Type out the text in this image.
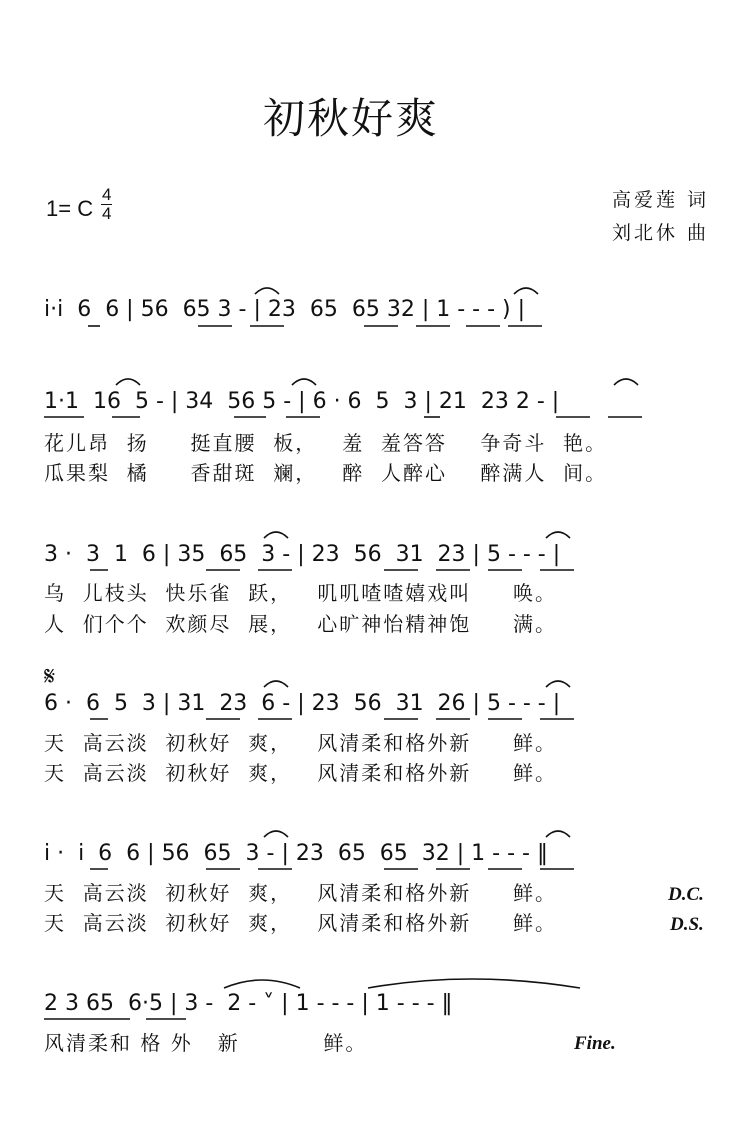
初秋好爽
1= C
4
4
高爱莲 词
刘北休 曲
i·i  6  6 | 56  65 3 - | 23  65  65 32 | 1 - - - ) |
1·1  16  5 - | 34  56 5 - | 6 · 6  5  3 | 21  23 2 - |
花儿昂  扬     挺直腰  板，   羞  羞答答    争奇斗  艳。
瓜果梨  橘     香甜斑  斓，   醉  人醉心    醉满人  间。
3 ·  3  1  6 | 35  65  3 - | 23  56  31  23 | 5 - - - |
乌  儿枝头  快乐雀  跃，   叽叽喳喳嬉戏叫     唤。
人  们个个  欢颜尽  展，   心旷神怡精神饱     满。
𝄋
6 ·  6  5  3 | 31  23  6 - | 23  56  31  26 | 5 - - - |
天  高云淡  初秋好  爽，   风清柔和格外新     鲜。
天  高云淡  初秋好  爽，   风清柔和格外新     鲜。
i ·  i  6  6 | 56  65  3 - | 23  65  65  32 | 1 - - - ‖
天  高云淡  初秋好  爽，   风清柔和格外新     鲜。
天  高云淡  初秋好  爽，   风清柔和格外新     鲜。
D.C.
D.S.
2 3 65  6·5 | 3 -  2 - ˅ | 1 - - - | 1 - - - ‖
风清柔和 格 外   新          鲜。	Fine.
